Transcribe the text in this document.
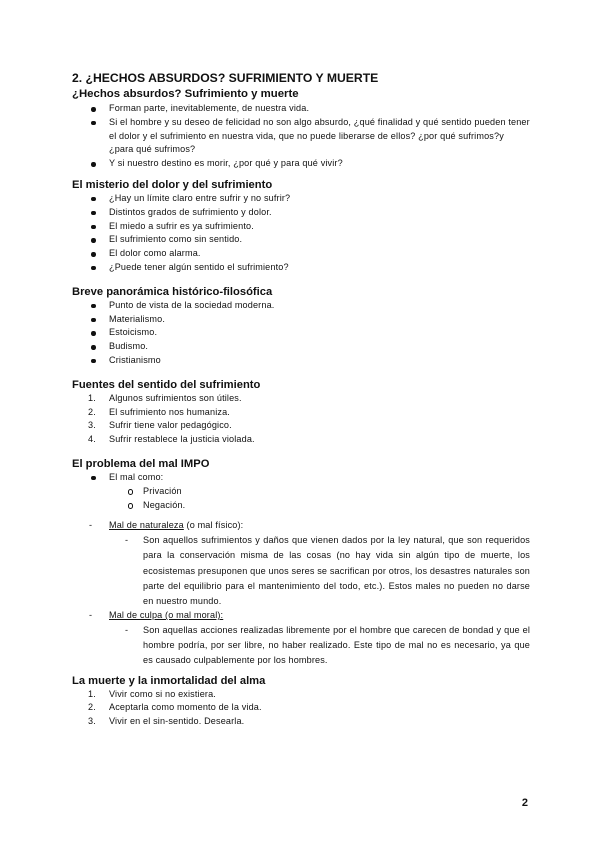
2. ¿HECHOS ABSURDOS? SUFRIMIENTO Y MUERTE
¿Hechos absurdos? Sufrimiento y muerte
Forman parte, inevitablemente, de nuestra vida.
Si el hombre y su deseo de felicidad no son algo absurdo, ¿qué finalidad y qué sentido pueden tener el dolor y el sufrimiento en nuestra vida, que no puede liberarse de ellos? ¿por qué sufrimos?y ¿para qué sufrimos?
Y si nuestro destino es morir, ¿por qué y para qué vivir?
El misterio del dolor y del sufrimiento
¿Hay un límite claro entre sufrir y no sufrir?
Distintos grados de sufrimiento y dolor.
El miedo a sufrir es ya sufrimiento.
El sufrimiento como sin sentido.
El dolor como alarma.
¿Puede tener algún sentido el sufrimiento?
Breve panorámica histórico-filosófica
Punto de vista de la sociedad moderna.
Materialismo.
Estoicismo.
Budismo.
Cristianismo
Fuentes del sentido del sufrimiento
1. Algunos sufrimientos son útiles.
2. El sufrimiento nos humaniza.
3. Sufrir tiene valor pedagógico.
4. Sufrir restablece la justicia violada.
El problema del mal IMPO
El mal como:
Privación
Negación.
- Mal de naturaleza (o mal físico):
- Son aquellos sufrimientos y daños que vienen dados por la ley natural, que son requeridos para la conservación misma de las cosas (no hay vida sin algún tipo de muerte, los ecosistemas presuponen que unos seres se sacrifican por otros, los desastres naturales son parte del equilibrio para el mantenimiento del todo, etc.). Estos males no pueden no darse en nuestro mundo.
- Mal de culpa (o mal moral):
- Son aquellas acciones realizadas libremente por el hombre que carecen de bondad y que el hombre podría, por ser libre, no haber realizado. Este tipo de mal no es necesario, ya que es causado culpablemente por los hombres.
La muerte y la inmortalidad del alma
1. Vivir como si no existiera.
2. Aceptarla como momento de la vida.
3. Vivir en el sin-sentido. Desearla.
2
